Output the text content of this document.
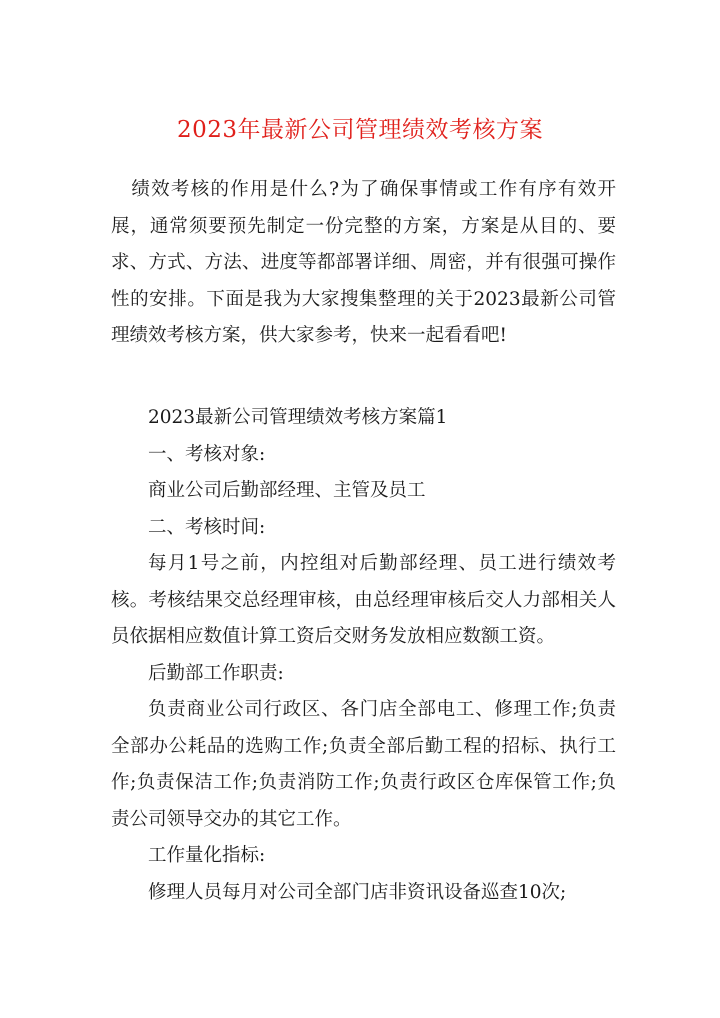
2023年最新公司管理绩效考核方案

绩效考核的作用是什么?为了确保事情或工作有序有效开展，通常须要预先制定一份完整的方案，方案是从目的、要求、方式、方法、进度等都部署详细、周密，并有很强可操作性的安排。下面是我为大家搜集整理的关于2023最新公司管理绩效考核方案，供大家参考，快来一起看看吧!

2023最新公司管理绩效考核方案篇1

一、考核对象:

商业公司后勤部经理、主管及员工

二、考核时间:

每月1号之前，内控组对后勤部经理、员工进行绩效考核。考核结果交总经理审核，由总经理审核后交人力部相关人员依据相应数值计算工资后交财务发放相应数额工资。

后勤部工作职责:

负责商业公司行政区、各门店全部电工、修理工作;负责全部办公耗品的选购工作;负责全部后勤工程的招标、执行工作;负责保洁工作;负责消防工作;负责行政区仓库保管工作;负责公司领导交办的其它工作。

工作量化指标:

修理人员每月对公司全部门店非资讯设备巡查10次;
